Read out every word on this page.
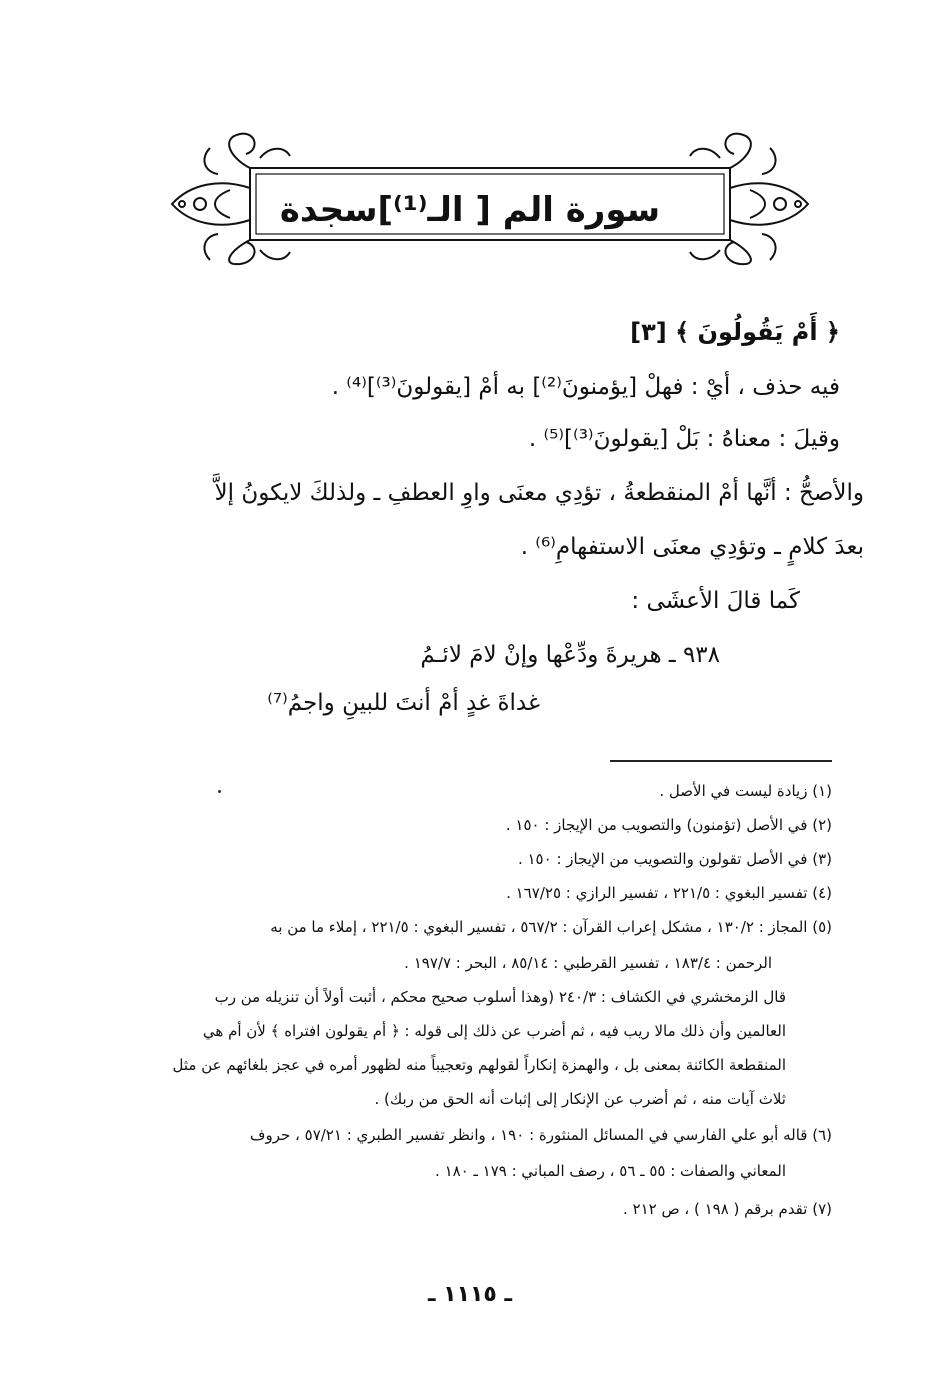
سورة الم [ الـ⁽¹⁾]سجدة
﴿ أَمْ يَقُولُونَ ﴾ [٣]
فيه حذف ، أيْ : فهلْ [يؤمنونَ⁽²⁾] به أمْ [يقولونَ⁽³⁾]⁽⁴⁾ .
وقيلَ : معناهُ : بَلْ [يقولونَ⁽³⁾]⁽⁵⁾ .
والأصحُّ : أنَّها أمْ المنقطعةُ ، تؤدِي معنَى واوِ العطفِ ـ ولذلكَ لايكونُ إلاَّ
بعدَ كلامٍ ـ وتؤدِي معنَى الاستفهامِ⁽⁶⁾ .
كَما قالَ الأعشَى :
٩٣٨ ـ هريرةَ ودِّعْها وإنْ لامَ لائـمُ
غداةَ غدٍ أمْ أنتَ للبينِ واجمُ⁽⁷⁾
(١) زيادة ليست في الأصل .
(٢) في الأصل (تؤمنون) والتصويب من الإيجاز : ١٥٠ .
(٣) في الأصل تقولون والتصويب من الإيجاز : ١٥٠ .
(٤) تفسير البغوي : ٢٢١/٥ ، تفسير الرازي : ١٦٧/٢٥ .
(٥) المجاز : ١٣٠/٢ ، مشكل إعراب القرآن : ٥٦٧/٢ ، تفسير البغوي : ٢٢١/٥ ، إملاء ما من به
الرحمن : ١٨٣/٤ ، تفسير القرطبي : ٨٥/١٤ ، البحر : ١٩٧/٧ .
قال الزمخشري في الكشاف : ٢٤٠/٣ (وهذا أسلوب صحيح محكم ، أثبت أولاً أن تنزيله من رب
العالمين وأن ذلك مالا ريب فيه ، ثم أضرب عن ذلك إلى قوله : ﴿ أم يقولون افتراه ﴾ لأن أم هي
المنقطعة الكائنة بمعنى بل ، والهمزة إنكاراً لقولهم وتعجيباً منه لظهور أمره في عجز بلغائهم عن مثل
ثلاث آيات منه ، ثم أضرب عن الإنكار إلى إثبات أنه الحق من ربك) .
(٦) قاله أبو علي الفارسي في المسائل المنثورة : ١٩٠ ، وانظر تفسير الطبري : ٥٧/٢١ ، حروف
المعاني والصفات : ٥٥ ـ ٥٦ ، رصف المباني : ١٧٩ ـ ١٨٠ .
(٧) تقدم برقم ( ١٩٨ ) ، ص ٢١٢ .
ـ ١١١٥ ـ
